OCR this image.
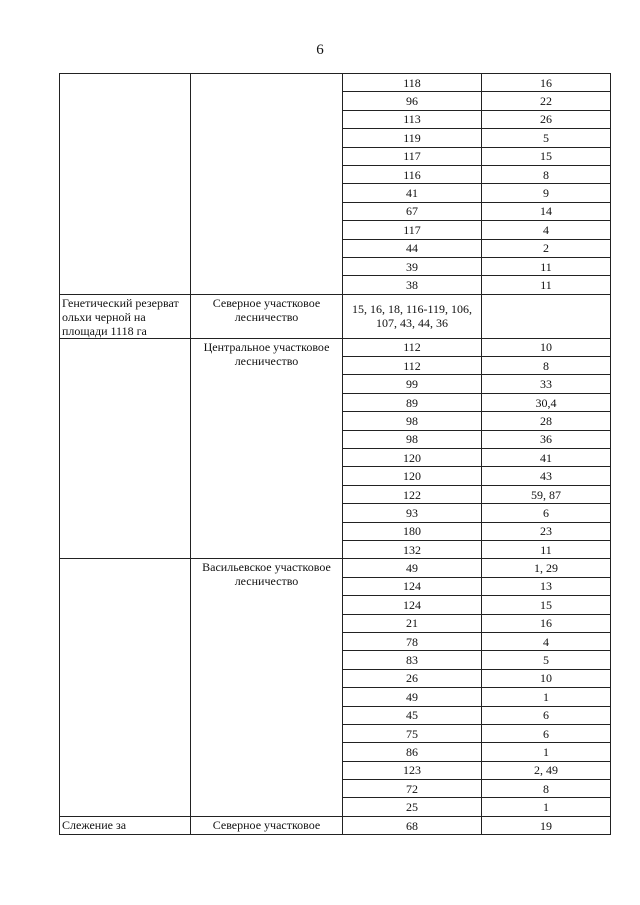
6
		118	16
		96	22
		113	26
		119	5
		117	15
		116	8
		41	9
		67	14
		117	4
		44	2
		39	11
		38	11
Генетический резерват ольхи черной на площади 1118 га	Северное участковое лесничество	15, 16, 18, 116-119, 106, 107, 43, 44, 36	
	Центральное участковое лесничество	112	10
		112	8
		99	33
		89	30,4
		98	28
		98	36
		120	41
		120	43
		122	59, 87
		93	6
		180	23
		132	11
	Васильевское участковое лесничество	49	1, 29
		124	13
		124	15
		21	16
		78	4
		83	5
		26	10
		49	1
		45	6
		75	6
		86	1
		123	2, 49
		72	8
		25	1
Слежение за	Северное участковое	68	19
